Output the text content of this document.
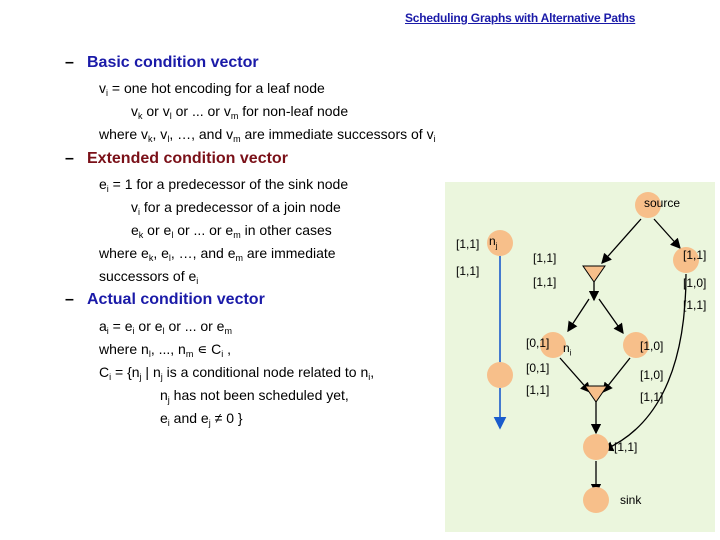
Scheduling Graphs with Alternative Paths
– Basic condition vector
$v_i$ = one hot encoding for a leaf node
$v_k$ or $v_l$ or ... or $v_m$ for non-leaf node
where $v_k$, $v_l$, …, and $v_m$ are immediate successors of $v_i$
– Extended condition vector
$e_i = 1$ for a predecessor of the sink node
$v_i$ for a predecessor of a join node
$e_k$ or $e_l$ or ... or $e_m$ in other cases
where $e_k$, $e_l$, …, and $e_m$ are immediate
successors of $e_i$
– Actual condition vector
$a_i = e_i$ or $e_l$ or ... or $e_m$
where $n_l$, ..., $n_m$ ∊ $C_i$ ,
$C_i = \{n_j$ | $n_j$ is a conditional node related to $n_i$,
$n_j$ has not been scheduled yet,
$e_i$ and $e_j \ne 0$ }
source
sink
$n_j$
$n_i$
[1,1]
[1,1]
[1,1]
[1,1]
[1,1]
[1,0]
[1,1]
[0,1]
[0,1]
[1,1]
[1,0]
[1,0]
[1,1]
[1,1]
